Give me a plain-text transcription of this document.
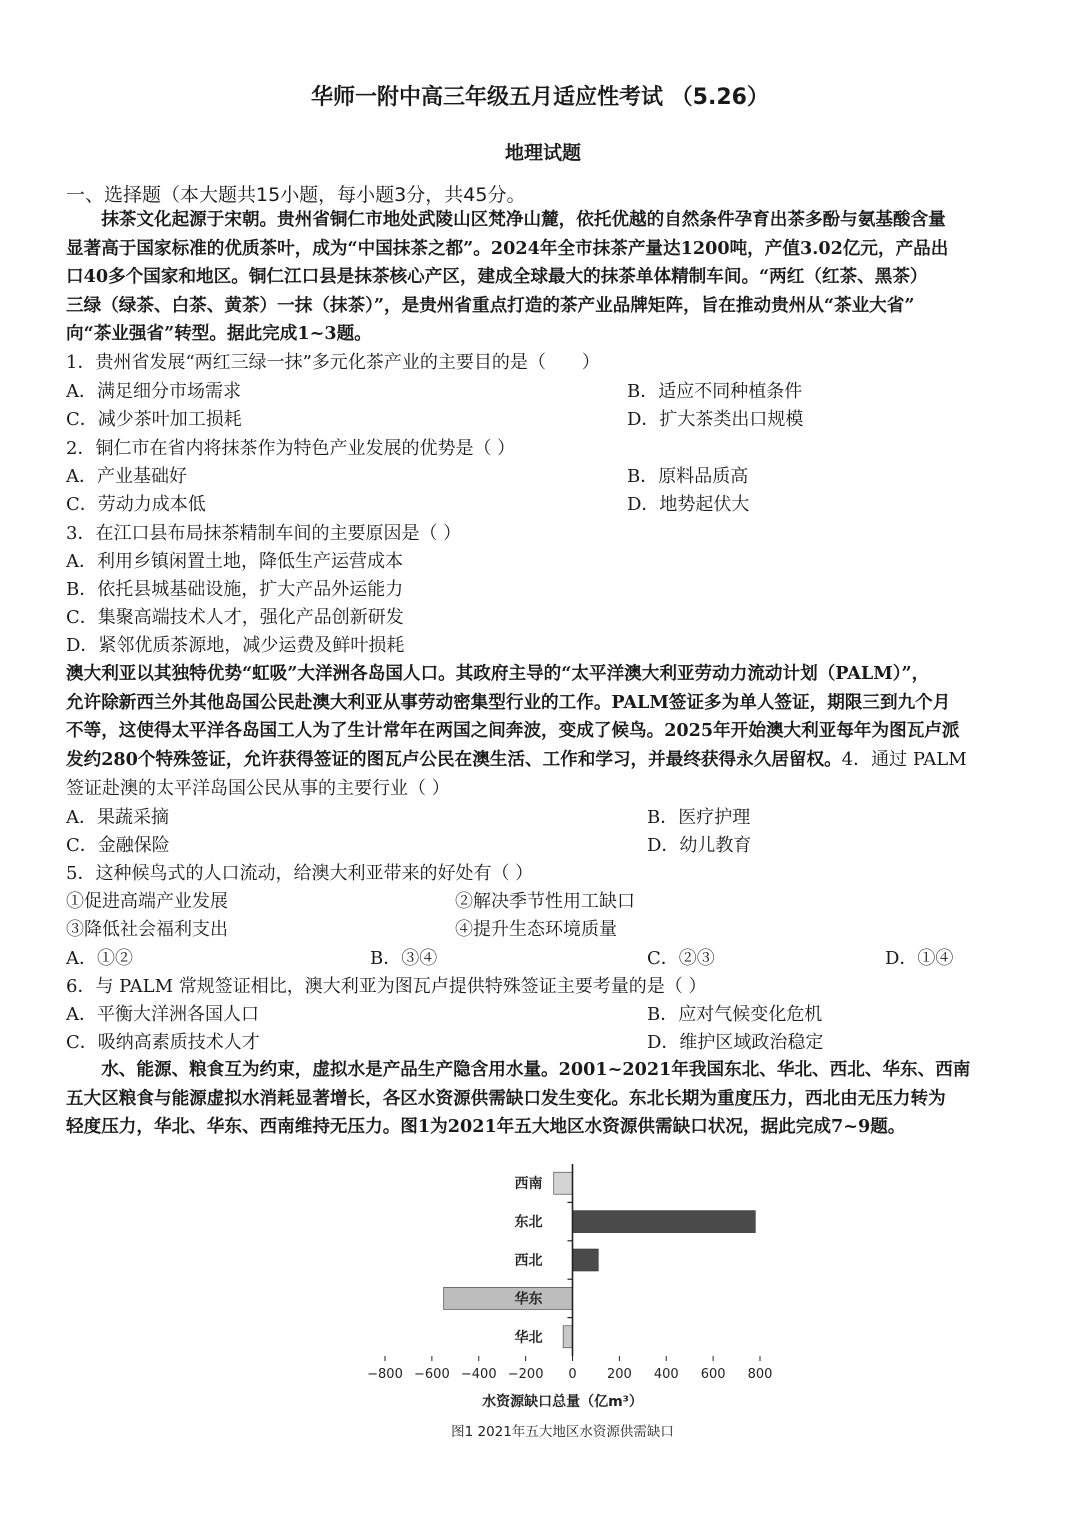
华师一附中高三年级五月适应性考试 （5.26）
地理试题
一、选择题（本大题共15小题，每小题3分，共45分。
　　抹茶文化起源于宋朝。贵州省铜仁市地处武陵山区梵净山麓，依托优越的自然条件孕育出茶多酚与氨基酸含量
显著高于国家标准的优质茶叶，成为“中国抹茶之都”。2024年全市抹茶产量达1200吨，产值3.02亿元，产品出
口40多个国家和地区。铜仁江口县是抹茶核心产区，建成全球最大的抹茶单体精制车间。“两红（红茶、黑茶）
三绿（绿茶、白茶、黄茶）一抹（抹茶）”，是贵州省重点打造的茶产业品牌矩阵，旨在推动贵州从“茶业大省”
向“茶业强省”转型。据此完成1~3题。
1．贵州省发展“两红三绿一抹”多元化茶产业的主要目的是（　　）
A．满足细分市场需求	B．适应不同种植条件
C．减少茶叶加工损耗	D．扩大茶类出口规模
2．铜仁市在省内将抹茶作为特色产业发展的优势是（ ）
A．产业基础好	B．原料品质高
C．劳动力成本低	D．地势起伏大
3．在江口县布局抹茶精制车间的主要原因是（ ）
A．利用乡镇闲置土地，降低生产运营成本
B．依托县城基础设施，扩大产品外运能力
C．集聚高端技术人才，强化产品创新研发
D．紧邻优质茶源地，减少运费及鲜叶损耗
澳大利亚以其独特优势“虹吸”大洋洲各岛国人口。其政府主导的“太平洋澳大利亚劳动力流动计划（PALM）”，
允许除新西兰外其他岛国公民赴澳大利亚从事劳动密集型行业的工作。PALM签证多为单人签证，期限三到九个月
不等，这使得太平洋各岛国工人为了生计常年在两国之间奔波，变成了候鸟。2025年开始澳大利亚每年为图瓦卢派
发约280个特殊签证，允许获得签证的图瓦卢公民在澳生活、工作和学习，并最终获得永久居留权。4．通过 PALM
签证赴澳的太平洋岛国公民从事的主要行业（ ）
A．果蔬采摘	B．医疗护理
C．金融保险	D．幼儿教育
5．这种候鸟式的人口流动，给澳大利亚带来的好处有（ ）
①促进高端产业发展	②解决季节性用工缺口
③降低社会福利支出	④提升生态环境质量
A．①②	B．③④	C．②③	D．①④
6．与 PALM 常规签证相比，澳大利亚为图瓦卢提供特殊签证主要考量的是（ ）
A．平衡大洋洲各国人口	B．应对气候变化危机
C．吸纳高素质技术人才	D．维护区域政治稳定
　　水、能源、粮食互为约束，虚拟水是产品生产隐含用水量。2001~2021年我国东北、华北、西北、华东、西南
五大区粮食与能源虚拟水消耗显著增长，各区水资源供需缺口发生变化。东北长期为重度压力，西北由无压力转为
轻度压力，华北、华东、西南维持无压力。图1为2021年五大地区水资源供需缺口状况，据此完成7~9题。
西南
东北
西北
华东
华北
−800 −600 −400 −200 0 200 400 600 800
水资源缺口总量（亿m³）
图1 2021年五大地区水资源供需缺口
